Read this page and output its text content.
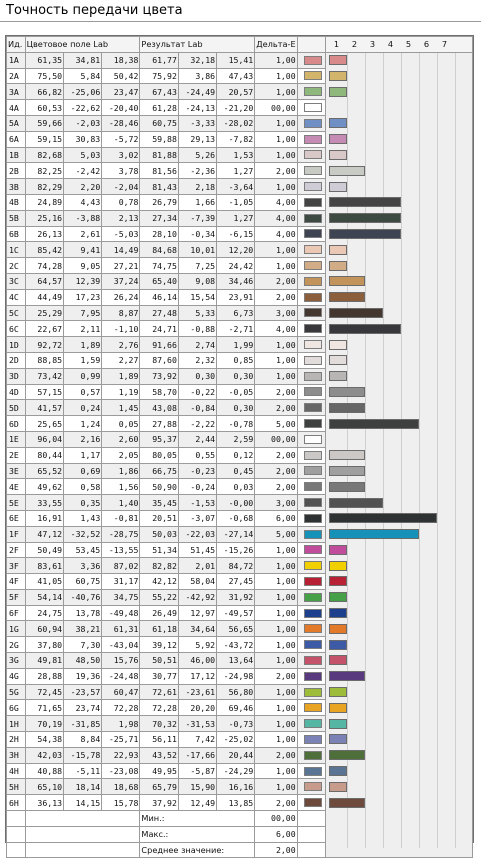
Точность передачи цвета
Ид.	Цветовое поле Lab			Результат Lab			Дельта-E		1 2 3 4 5 6 7
1A	61,35	34,81	18,38	61,77	32,18	15,41	1,00	

2A	75,50	5,84	50,42	75,92	3,86	47,43	1,00		

3A	66,82	-25,06	23,47	67,43	-24,49	20,57	1,00		

4A	60,53	-22,62	-20,40	61,28	-24,13	-21,20	00,00		

5A	59,66	-2,03	-28,46	60,75	-3,33	-28,02	1,00		

6A	59,15	30,83	-5,72	59,88	29,13	-7,82	1,00		

1B	82,68	5,03	3,02	81,88	5,26	1,53	1,00		

2B	82,25	-2,42	3,78	81,56	-2,36	1,27	2,00		

3B	82,29	2,20	-2,04	81,43	2,18	-3,64	1,00		

4B	24,89	4,43	0,78	26,79	1,66	-1,05	4,00		

5B	25,16	-3,88	2,13	27,34	-7,39	1,27	4,00		

6B	26,13	2,61	-5,03	28,10	-0,34	-6,15	4,00		

1C	85,42	9,41	14,49	84,68	10,01	12,20	1,00		

2C	74,28	9,05	27,21	74,75	7,25	24,42	1,00		

3C	64,57	12,39	37,24	65,40	9,08	34,46	2,00		

4C	44,49	17,23	26,24	46,14	15,54	23,91	2,00		

5C	25,29	7,95	8,87	27,48	5,33	6,73	3,00		

6C	22,67	2,11	-1,10	24,71	-0,88	-2,71	4,00		

1D	92,72	1,89	2,76	91,66	2,74	1,99	1,00		

2D	88,85	1,59	2,27	87,60	2,32	0,85	1,00		

3D	73,42	0,99	1,89	73,92	0,30	0,30	1,00		

4D	57,15	0,57	1,19	58,70	-0,22	-0,05	2,00		

5D	41,57	0,24	1,45	43,08	-0,84	0,30	2,00		

6D	25,65	1,24	0,05	27,88	-2,22	-0,78	5,00		

1E	96,04	2,16	2,60	95,37	2,44	2,59	00,00		

2E	80,44	1,17	2,05	80,05	0,55	0,12	2,00		

3E	65,52	0,69	1,86	66,75	-0,23	0,45	2,00		

4E	49,62	0,58	1,56	50,90	-0,24	0,03	2,00		

5E	33,55	0,35	1,40	35,45	-1,53	-0,00	3,00		

6E	16,91	1,43	-0,81	20,51	-3,07	-0,68	6,00		

1F	47,12	-32,52	-28,75	50,03	-22,03	-27,14	5,00		

2F	50,49	53,45	-13,55	51,34	51,45	-15,26	1,00		

3F	83,61	3,36	87,02	82,82	2,01	84,72	1,00		

4F	41,05	60,75	31,17	42,12	58,04	27,45	1,00		

5F	54,14	-40,76	34,75	55,22	-42,92	31,92	1,00		

6F	24,75	13,78	-49,48	26,49	12,97	-49,57	1,00		

1G	60,94	38,21	61,31	61,18	34,64	56,65	1,00		

2G	37,80	7,30	-43,04	39,12	5,92	-43,72	1,00		

3G	49,81	48,50	15,76	50,51	46,00	13,64	1,00		

4G	28,88	19,36	-24,48	30,77	17,12	-24,98	2,00		

5G	72,45	-23,57	60,47	72,61	-23,61	56,80	1,00		

6G	71,65	23,74	72,28	72,28	20,20	69,46	1,00		

1H	70,19	-31,85	1,98	70,32	-31,53	-0,73	1,00		

2H	54,38	8,84	-25,71	56,11	7,42	-25,02	1,00		

3H	42,03	-15,78	22,93	43,52	-17,66	20,44	2,00		

4H	40,88	-5,11	-23,08	49,95	-5,87	-24,29	1,00		

5H	65,10	18,14	18,68	65,79	15,90	16,16	1,00		

6H	36,13	14,15	15,78	37,92	12,49	13,85	2,00		

				Мин.:			00,00		
				Макс.:			6,00		
				Среднее значение:			2,00		
